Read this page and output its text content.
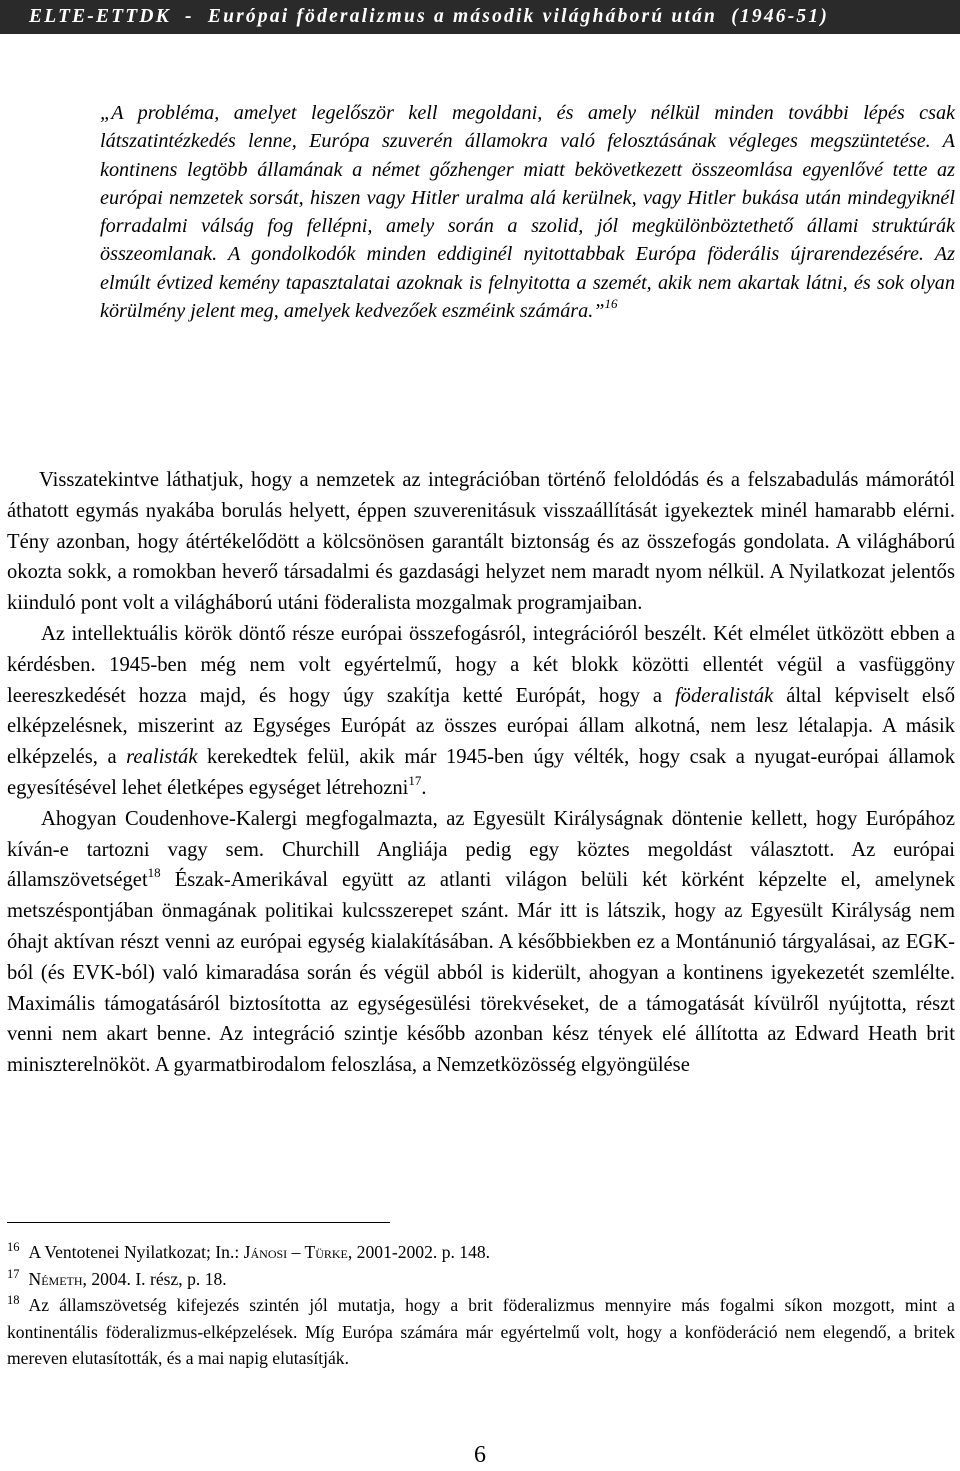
ELTE-ETTDK  -  Európai föderalizmus a második világháború után  (1946-51)

„A probléma, amelyet legelőször kell megoldani, és amely nélkül minden további lépés csak látszatintézkedés lenne, Európa szuverén államokra való felosztásának végleges megszüntetése. A kontinens legtöbb államának a német gőzhenger miatt bekövetkezett összeomlása egyenlővé tette az európai nemzetek sorsát, hiszen vagy Hitler uralma alá kerülnek, vagy Hitler bukása után mindegyiknél forradalmi válság fog fellépni, amely során a szolid, jól megkülönböztethető állami struktúrák összeomlanak. A gondolkodók minden eddiginél nyitottabbak Európa föderális újrarendezésére. Az elmúlt évtized kemény tapasztalatai azoknak is felnyitotta a szemét, akik nem akartak látni, és sok olyan körülmény jelent meg, amelyek kedvezőek eszméink számára.”$^{16}$

Visszatekintve láthatjuk, hogy a nemzetek az integrációban történő feloldódás és a felszabadulás mámorától áthatott egymás nyakába borulás helyett, éppen szuverenitásuk visszaállítását igyekeztek minél hamarabb elérni. Tény azonban, hogy átértékelődött a kölcsönösen garantált biztonság és az összefogás gondolata. A világháború okozta sokk, a romokban heverő társadalmi és gazdasági helyzet nem maradt nyom nélkül. A Nyilatkozat jelentős kiinduló pont volt a világháború utáni föderalista mozgalmak programjaiban.

Az intellektuális körök döntő része európai összefogásról, integrációról beszélt. Két elmélet ütközött ebben a kérdésben. 1945-ben még nem volt egyértelmű, hogy a két blokk közötti ellentét végül a vasfüggöny leereszkedését hozza majd, és hogy úgy szakítja ketté Európát, hogy a föderalisták által képviselt első elképzelésnek, miszerint az Egységes Európát az összes európai állam alkotná, nem lesz létalapja. A másik elképzelés, a realisták kerekedtek felül, akik már 1945-ben úgy vélték, hogy csak a nyugat-európai államok egyesítésével lehet életképes egységet létrehozni$^{17}$.

Ahogyan Coudenhove-Kalergi megfogalmazta, az Egyesült Királyságnak döntenie kellett, hogy Európához kíván-e tartozni vagy sem. Churchill Angliája pedig egy köztes megoldást választott. Az európai államszövetséget$^{18}$ Észak-Amerikával együtt az atlanti világon belüli két körként képzelte el, amelynek metszéspontjában önmagának politikai kulcsszerepet szánt. Már itt is látszik, hogy az Egyesült Királyság nem óhajt aktívan részt venni az európai egység kialakításában. A későbbiekben ez a Montánunió tárgyalásai, az EGK-ból (és EVK-ból) való kimaradása során és végül abból is kiderült, ahogyan a kontinens igyekezetét szemlélte. Maximális támogatásáról biztosította az egységesülési törekvéseket, de a támogatását kívülről nyújtotta, részt venni nem akart benne. Az integráció szintje később azonban kész tények elé állította az Edward Heath brit miniszterelnököt. A gyarmatbirodalom feloszlása, a Nemzetközösség elgyöngülése

$^{16}$ A Ventotenei Nyilatkozat; In.: Jánosi – Türke, 2001-2002. p. 148.

$^{17}$ Németh, 2004. I. rész, p. 18.

$^{18}$ Az államszövetség kifejezés szintén jól mutatja, hogy a brit föderalizmus mennyire más fogalmi síkon mozgott, mint a kontinentális föderalizmus-elképzelések. Míg Európa számára már egyértelmű volt, hogy a konföderáció nem elegendő, a britek mereven elutasították, és a mai napig elutasítják.

6
